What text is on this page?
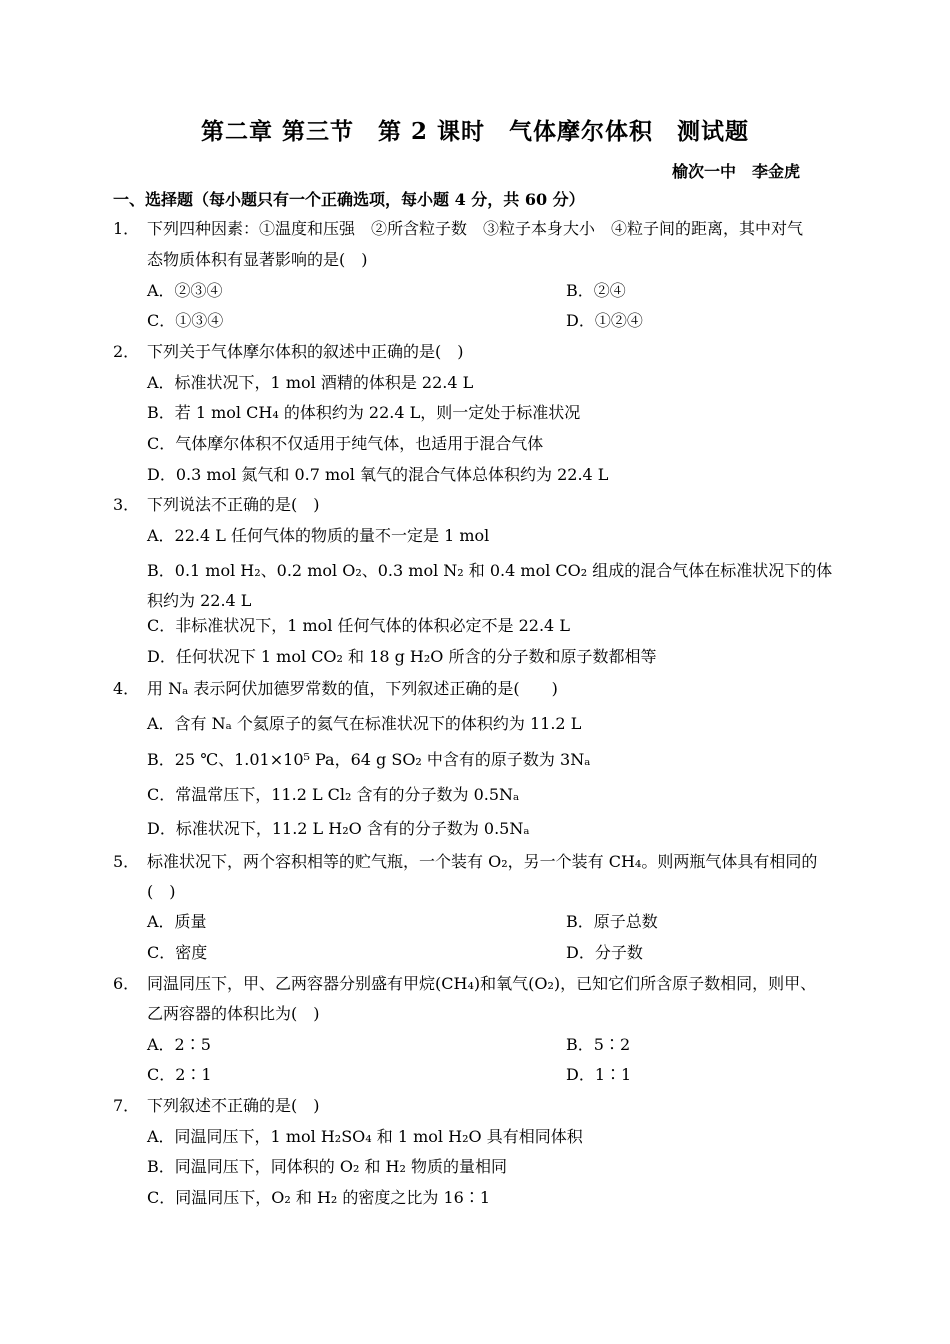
第二章 第三节　第 2 课时　气体摩尔体积　测试题
榆次一中　李金虎
一、选择题（每小题只有一个正确选项，每小题 4 分，共 60 分）
1． 下列四种因素：①温度和压强　②所含粒子数　③粒子本身大小　④粒子间的距离，其中对气
态物质体积有显著影响的是(　)
A．②③④	B．②④
C．①③④	D．①②④
2． 下列关于气体摩尔体积的叙述中正确的是(　)
A．标准状况下，1 mol 酒精的体积是 22.4 L
B．若 1 mol CH₄ 的体积约为 22.4 L，则一定处于标准状况
C．气体摩尔体积不仅适用于纯气体，也适用于混合气体
D．0.3 mol 氮气和 0.7 mol 氧气的混合气体总体积约为 22.4 L
3． 下列说法不正确的是(　)
A．22.4 L 任何气体的物质的量不一定是 1 mol
B．0.1 mol H₂、0.2 mol O₂、0.3 mol N₂ 和 0.4 mol CO₂ 组成的混合气体在标准状况下的体积约为 22.4 L
C．非标准状况下，1 mol 任何气体的体积必定不是 22.4 L
D．任何状况下 1 mol CO₂ 和 18 g H₂O 所含的分子数和原子数都相等
4． 用 Nₐ 表示阿伏加德罗常数的值，下列叙述正确的是(　　)
A．含有 Nₐ 个氦原子的氦气在标准状况下的体积约为 11.2 L
B．25 ℃、1.01×10⁵ Pa，64 g SO₂ 中含有的原子数为 3Nₐ
C．常温常压下，11.2 L Cl₂ 含有的分子数为 0.5Nₐ
D．标准状况下，11.2 L H₂O 含有的分子数为 0.5Nₐ
5． 标准状况下，两个容积相等的贮气瓶，一个装有 O₂，另一个装有 CH₄。则两瓶气体具有相同的
(　)
A．质量	B．原子总数
C．密度	D．分子数
6． 同温同压下，甲、乙两容器分别盛有甲烷(CH₄)和氧气(O₂)，已知它们所含原子数相同，则甲、
乙两容器的体积比为(　)
A．2∶5	B．5∶2
C．2∶1	D．1∶1
7． 下列叙述不正确的是(　)
A．同温同压下，1 mol H₂SO₄ 和 1 mol H₂O 具有相同体积
B．同温同压下，同体积的 O₂ 和 H₂ 物质的量相同
C．同温同压下，O₂ 和 H₂ 的密度之比为 16∶1
